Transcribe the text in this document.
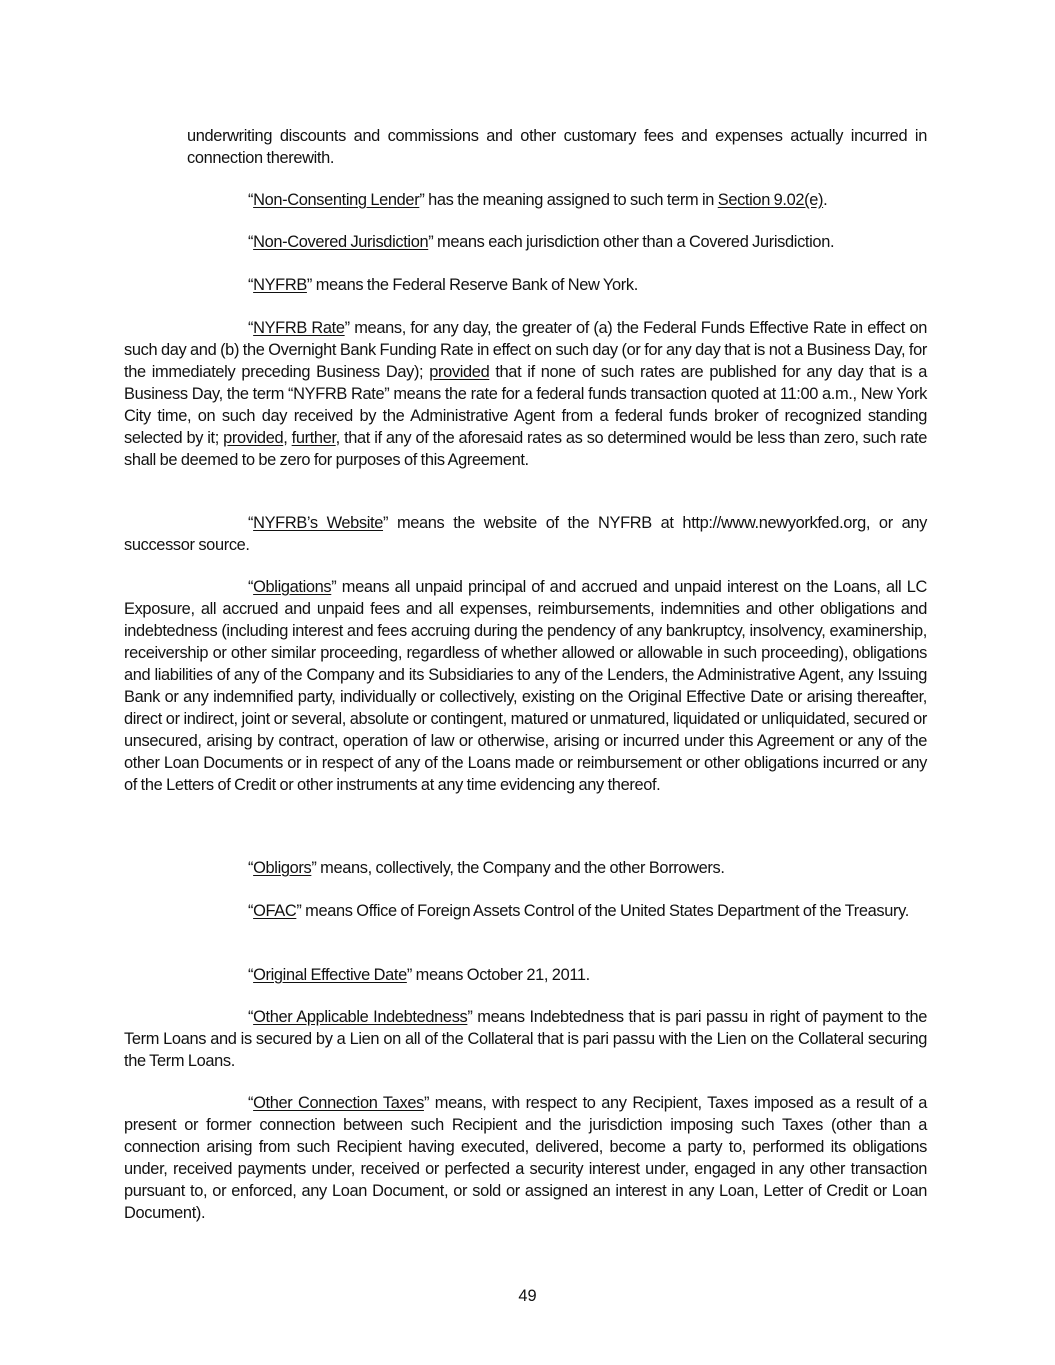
underwriting discounts and commissions and other customary fees and expenses actually incurred in connection therewith.

“Non-Consenting Lender” has the meaning assigned to such term in Section 9.02(e).

“Non-Covered Jurisdiction” means each jurisdiction other than a Covered Jurisdiction.

“NYFRB” means the Federal Reserve Bank of New York.

“NYFRB Rate” means, for any day, the greater of (a) the Federal Funds Effective Rate in effect on such day and (b) the Overnight Bank Funding Rate in effect on such day (or for any day that is not a Business Day, for the immediately preceding Business Day); provided that if none of such rates are published for any day that is a Business Day, the term “NYFRB Rate” means the rate for a federal funds transaction quoted at 11:00 a.m., New York City time, on such day received by the Administrative Agent from a federal funds broker of recognized standing selected by it; provided, further, that if any of the aforesaid rates as so determined would be less than zero, such rate shall be deemed to be zero for purposes of this Agreement.

“NYFRB’s Website” means the website of the NYFRB at http://www.newyorkfed.org, or any successor source.

“Obligations” means all unpaid principal of and accrued and unpaid interest on the Loans, all LC Exposure, all accrued and unpaid fees and all expenses, reimbursements, indemnities and other obligations and indebtedness (including interest and fees accruing during the pendency of any bankruptcy, insolvency, examinership, receivership or other similar proceeding, regardless of whether allowed or allowable in such proceeding), obligations and liabilities of any of the Company and its Subsidiaries to any of the Lenders, the Administrative Agent, any Issuing Bank or any indemnified party, individually or collectively, existing on the Original Effective Date or arising thereafter, direct or indirect, joint or several, absolute or contingent, matured or unmatured, liquidated or unliquidated, secured or unsecured, arising by contract, operation of law or otherwise, arising or incurred under this Agreement or any of the other Loan Documents or in respect of any of the Loans made or reimbursement or other obligations incurred or any of the Letters of Credit or other instruments at any time evidencing any thereof.

“Obligors” means, collectively, the Company and the other Borrowers.

“OFAC” means Office of Foreign Assets Control of the United States Department of the Treasury.

“Original Effective Date” means October 21, 2011.

“Other Applicable Indebtedness” means Indebtedness that is pari passu in right of payment to the Term Loans and is secured by a Lien on all of the Collateral that is pari passu with the Lien on the Collateral securing the Term Loans.

“Other Connection Taxes” means, with respect to any Recipient, Taxes imposed as a result of a present or former connection between such Recipient and the jurisdiction imposing such Taxes (other than a connection arising from such Recipient having executed, delivered, become a party to, performed its obligations under, received payments under, received or perfected a security interest under, engaged in any other transaction pursuant to, or enforced, any Loan Document, or sold or assigned an interest in any Loan, Letter of Credit or Loan Document).

49
